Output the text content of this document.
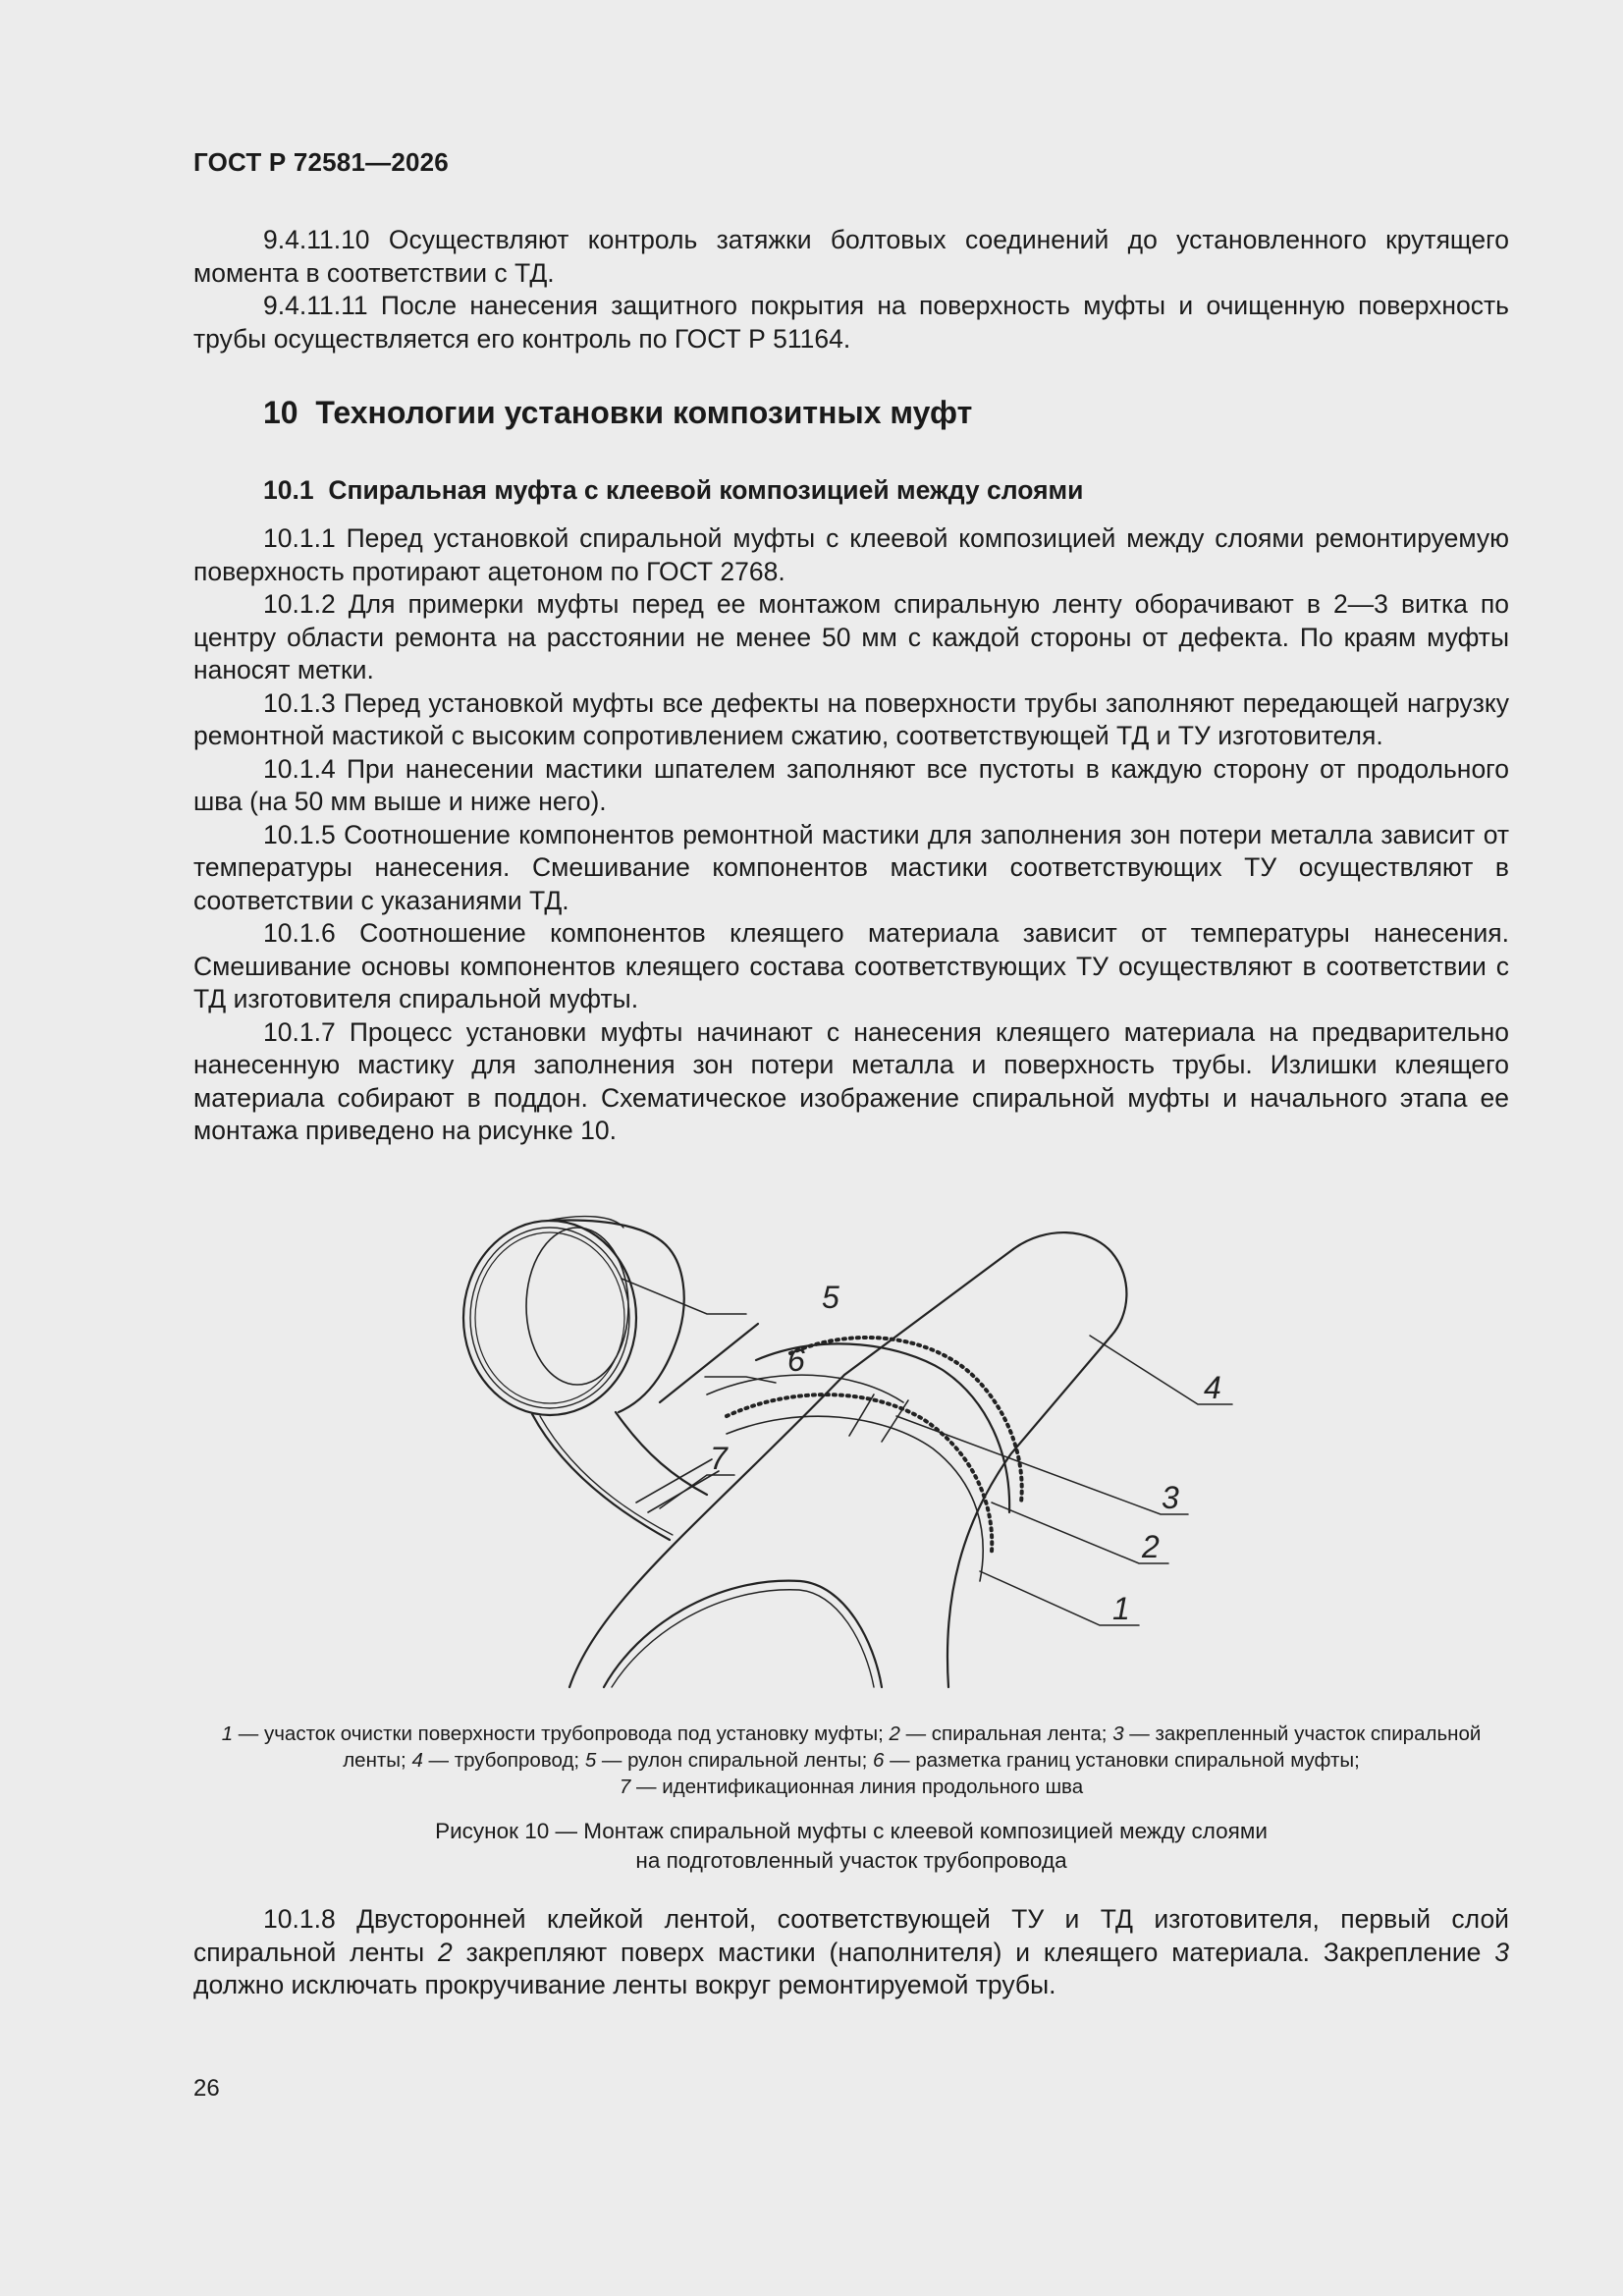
ГОСТ Р 72581—2026

9.4.11.10 Осуществляют контроль затяжки болтовых соединений до установленного крутящего момента в соответствии с ТД.

9.4.11.11 После нанесения защитного покрытия на поверхность муфты и очищенную поверхность трубы осуществляется его контроль по ГОСТ Р 51164.

10 Технологии установки композитных муфт
10.1 Спиральная муфта с клеевой композицией между слоями

10.1.1 Перед установкой спиральной муфты с клеевой композицией между слоями ремонтируемую поверхность протирают ацетоном по ГОСТ 2768.

10.1.2 Для примерки муфты перед ее монтажом спиральную ленту оборачивают в 2—3 витка по центру области ремонта на расстоянии не менее 50 мм с каждой стороны от дефекта. По краям муфты наносят метки.

10.1.3 Перед установкой муфты все дефекты на поверхности трубы заполняют передающей нагрузку ремонтной мастикой с высоким сопротивлением сжатию, соответствующей ТД и ТУ изготовителя.

10.1.4 При нанесении мастики шпателем заполняют все пустоты в каждую сторону от продольного шва (на 50 мм выше и ниже него).

10.1.5 Соотношение компонентов ремонтной мастики для заполнения зон потери металла зависит от температуры нанесения. Смешивание компонентов мастики соответствующих ТУ осуществляют в соответствии с указаниями ТД.

10.1.6 Соотношение компонентов клеящего материала зависит от температуры нанесения. Смешивание основы компонентов клеящего состава соответствующих ТУ осуществляют в соответствии с ТД изготовителя спиральной муфты.

10.1.7 Процесс установки муфты начинают с нанесения клеящего материала на предварительно нанесенную мастику для заполнения зон потери металла и поверхность трубы. Излишки клеящего материала собирают в поддон. Схематическое изображение спиральной муфты и начального этапа ее монтажа приведено на рисунке 10.

5
6
7
4
3
2
1
1 — участок очистки поверхности трубопровода под установку муфты; 2 — спиральная лента; 3 — закрепленный участок спиральной ленты; 4 — трубопровод; 5 — рулон спиральной ленты; 6 — разметка границ установки спиральной муфты;
7 — идентификационная линия продольного шва
Рисунок 10 — Монтаж спиральной муфты с клеевой композицией между слоями
на подготовленный участок трубопровода

10.1.8 Двусторонней клейкой лентой, соответствующей ТУ и ТД изготовителя, первый слой спиральной ленты 2 закрепляют поверх мастики (наполнителя) и клеящего материала. Закрепление 3 должно исключать прокручивание ленты вокруг ремонтируемой трубы.

26
